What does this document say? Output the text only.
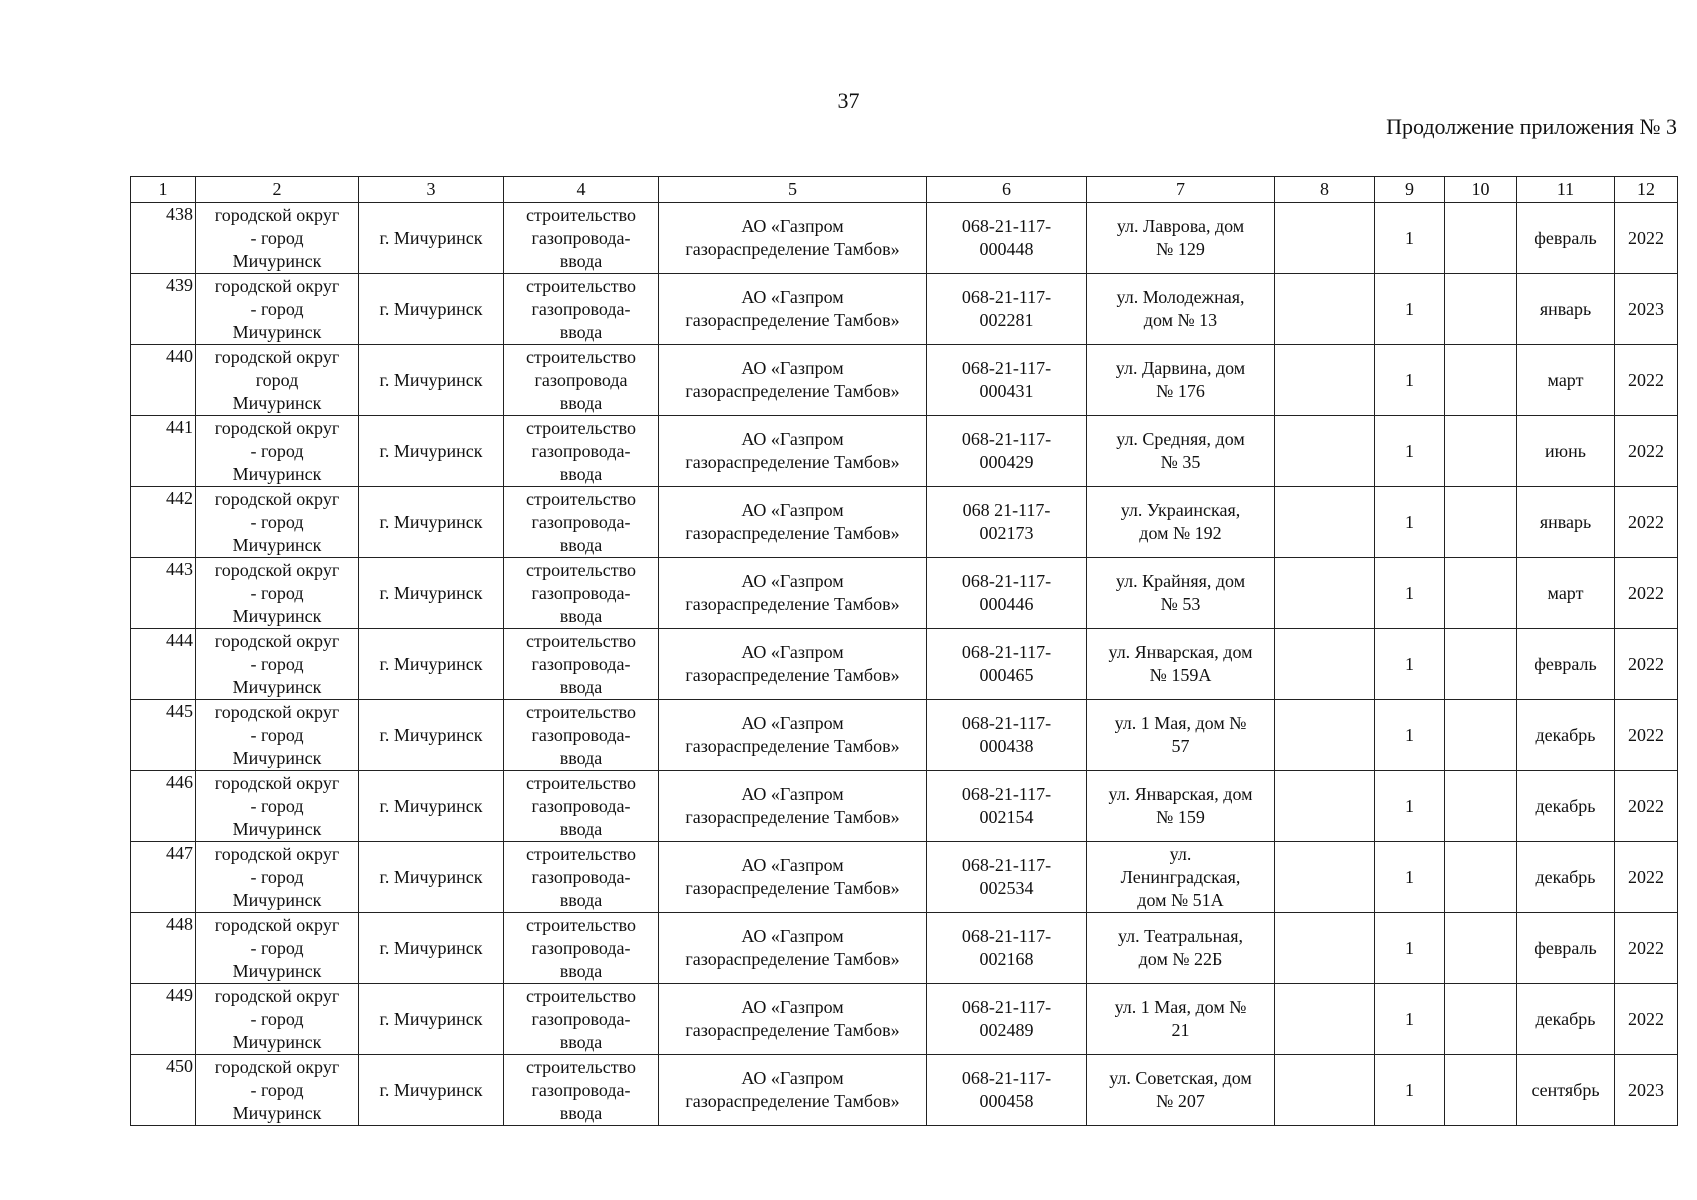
37
Продолжение приложения № 3
1	2	3	4	5	6	7	8	9	10	11	12
438	городской округ
- город
Мичуринск	г. Мичуринск	строительство
газопровода-
ввода	АО «Газпром
газораспределение Тамбов»	068-21-117-
000448	ул. Лаврова, дом
№ 129		1		февраль	2022
439	городской округ
- город
Мичуринск	г. Мичуринск	строительство
газопровода-
ввода	АО «Газпром
газораспределение Тамбов»	068-21-117-
002281	ул. Молодежная,
дом № 13		1		январь	2023
440	городской округ
город
Мичуринск	г. Мичуринск	строительство
газопровода
ввода	АО «Газпром
газораспределение Тамбов»	068-21-117-
000431	ул. Дарвина, дом
№ 176		1		март	2022
441	городской округ
- город
Мичуринск	г. Мичуринск	строительство
газопровода-
ввода	АО «Газпром
газораспределение Тамбов»	068-21-117-
000429	ул. Средняя, дом
№ 35		1		июнь	2022
442	городской округ
- город
Мичуринск	г. Мичуринск	строительство
газопровода-
ввода	АО «Газпром
газораспределение Тамбов»	068 21-117-
002173	ул. Украинская,
дом № 192		1		январь	2022
443	городской округ
- город
Мичуринск	г. Мичуринск	строительство
газопровода-
ввода	АО «Газпром
газораспределение Тамбов»	068-21-117-
000446	ул. Крайняя, дом
№ 53		1		март	2022
444	городской округ
- город
Мичуринск	г. Мичуринск	строительство
газопровода-
ввода	АО «Газпром
газораспределение Тамбов»	068-21-117-
000465	ул. Январская, дом
№ 159А		1		февраль	2022
445	городской округ
- город
Мичуринск	г. Мичуринск	строительство
газопровода-
ввода	АО «Газпром
газораспределение Тамбов»	068-21-117-
000438	ул. 1 Мая, дом №
57		1		декабрь	2022
446	городской округ
- город
Мичуринск	г. Мичуринск	строительство
газопровода-
ввода	АО «Газпром
газораспределение Тамбов»	068-21-117-
002154	ул. Январская, дом
№ 159		1		декабрь	2022
447	городской округ
- город
Мичуринск	г. Мичуринск	строительство
газопровода-
ввода	АО «Газпром
газораспределение Тамбов»	068-21-117-
002534	ул.
Ленинградская,
дом № 51А		1		декабрь	2022
448	городской округ
- город
Мичуринск	г. Мичуринск	строительство
газопровода-
ввода	АО «Газпром
газораспределение Тамбов»	068-21-117-
002168	ул. Театральная,
дом № 22Б		1		февраль	2022
449	городской округ
- город
Мичуринск	г. Мичуринск	строительство
газопровода-
ввода	АО «Газпром
газораспределение Тамбов»	068-21-117-
002489	ул. 1 Мая, дом №
21		1		декабрь	2022
450	городской округ
- город
Мичуринск	г. Мичуринск	строительство
газопровода-
ввода	АО «Газпром
газораспределение Тамбов»	068-21-117-
000458	ул. Советская, дом
№ 207		1		сентябрь	2023
